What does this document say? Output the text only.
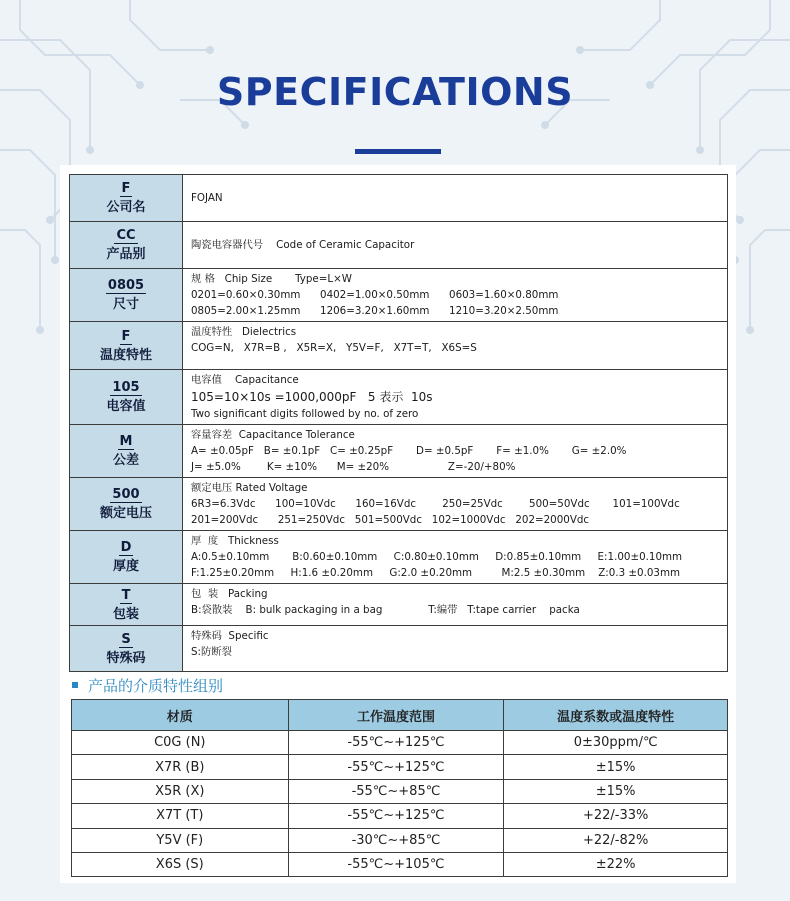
SPECIFICATIONS
F
公司名	FOJAN

CC
产品别	陶瓷电容器代号    Code of Ceramic Capacitor

0805
尺寸	规 格   Chip Size       Type=L×W
0201=0.60×0.30mm      0402=1.00×0.50mm      0603=1.60×0.80mm
0805=2.00×1.25mm      1206=3.20×1.60mm      1210=3.20×2.50mm

F
温度特性	温度特性   Dielectrics
COG=N,   X7R=B ,   X5R=X,   Y5V=F,   X7T=T,   X6S=S

105
电容值	电容值    Capacitance
105=10×10s =1000,000pF   5 表示  10s
Two significant digits followed by no. of zero

M
公差	容量容差  Capacitance Tolerance
A= ±0.05pF   B= ±0.1pF   C= ±0.25pF       D= ±0.5pF       F= ±1.0%       G= ±2.0%
J= ±5.0%        K= ±10%      M= ±20%                  Z=-20/+80%

500
额定电压	额定电压 Rated Voltage
6R3=6.3Vdc      100=10Vdc      160=16Vdc        250=25Vdc        500=50Vdc       101=100Vdc
201=200Vdc      251=250Vdc   501=500Vdc   102=1000Vdc   202=2000Vdc

D
厚度	厚  度   Thickness
A:0.5±0.10mm       B:0.60±0.10mm     C:0.80±0.10mm     D:0.85±0.10mm     E:1.00±0.10mm
F:1.25±0.20mm     H:1.6 ±0.20mm     G:2.0 ±0.20mm         M:2.5 ±0.30mm    Z:0.3 ±0.03mm

T
包装	包  装   Packing
B:袋散装    B: bulk packaging in a bag              T:编带   T:tape carrier    packa

S
特殊码	特殊码  Specific
S:防断裂
产品的介质特性组别
材质	工作温度范围	温度系数或温度特性
C0G (N)	-55℃~+125℃	0±30ppm/℃
X7R (B)	-55℃~+125℃	±15%
X5R (X)	-55℃~+85℃	±15%
X7T (T)	-55℃~+125℃	+22/-33%
Y5V (F)	-30℃~+85℃	+22/-82%
X6S (S)	-55℃~+105℃	±22%
